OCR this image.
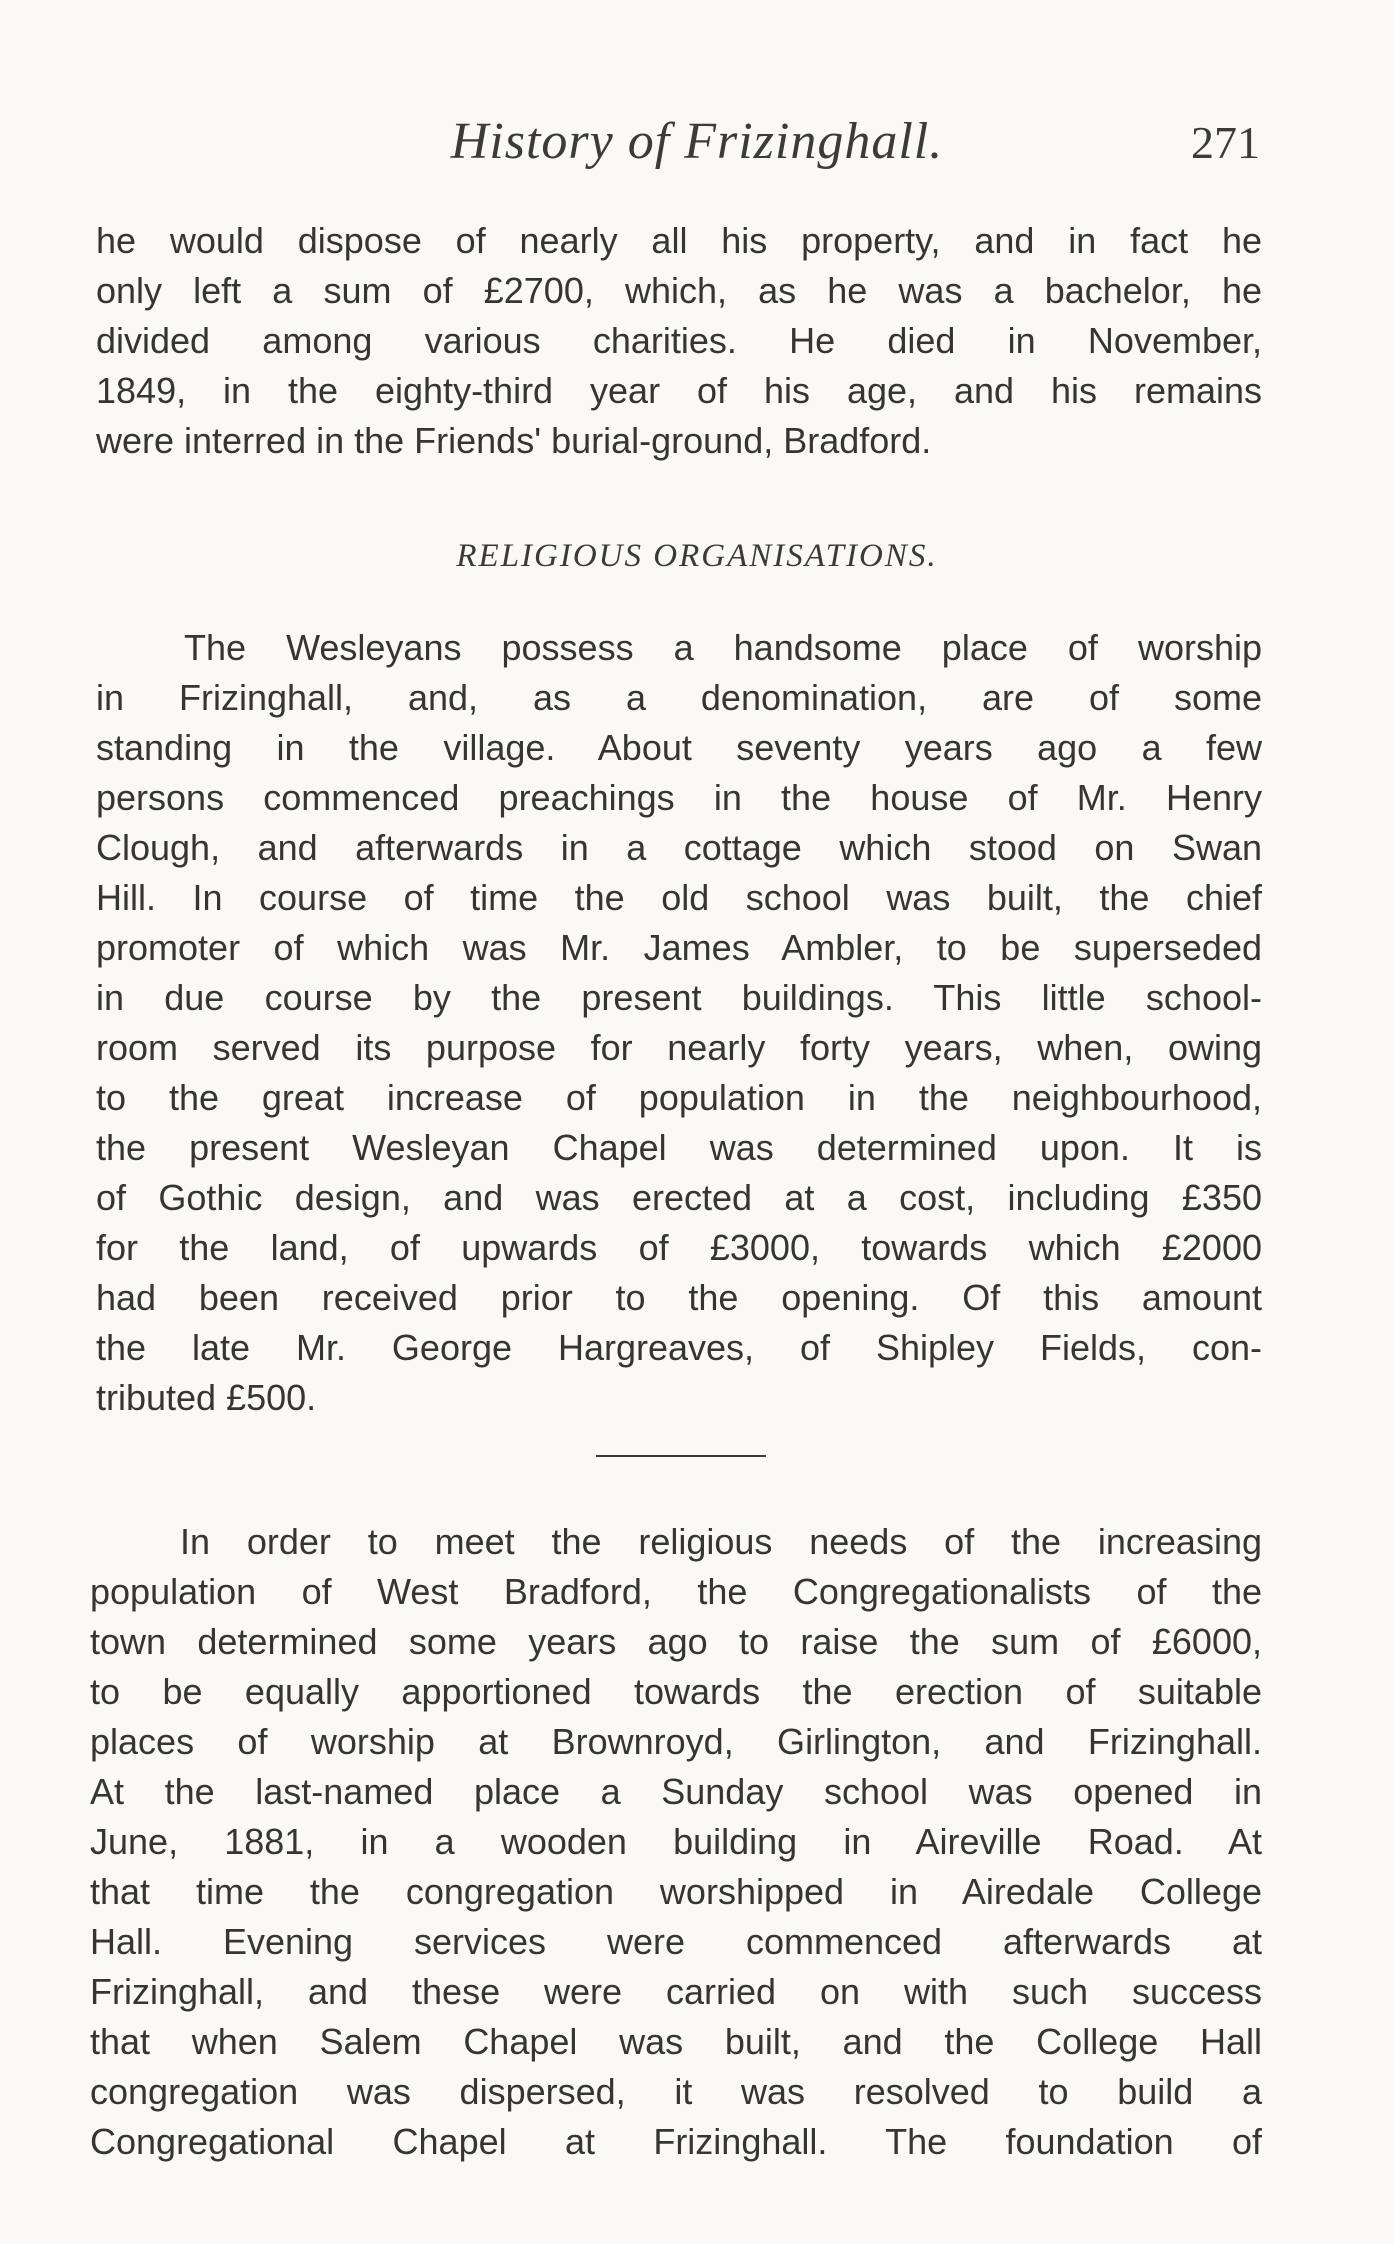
History of Frizinghall.	271
he would dispose of nearly all his property, and in fact he
only left a sum of £2700, which, as he was a bachelor, he
divided among various charities. He died in November,
1849, in the eighty-third year of his age, and his remains
were interred in the Friends' burial-ground, Bradford.
RELIGIOUS ORGANISATIONS.
The Wesleyans possess a handsome place of worship
in Frizinghall, and, as a denomination, are of some
standing in the village. About seventy years ago a few
persons commenced preachings in the house of Mr. Henry
Clough, and afterwards in a cottage which stood on Swan
Hill. In course of time the old school was built, the chief
promoter of which was Mr. James Ambler, to be superseded
in due course by the present buildings. This little school-
room served its purpose for nearly forty years, when, owing
to the great increase of population in the neighbourhood,
the present Wesleyan Chapel was determined upon. It is
of Gothic design, and was erected at a cost, including £350
for the land, of upwards of £3000, towards which £2000
had been received prior to the opening. Of this amount
the late Mr. George Hargreaves, of Shipley Fields, con-
tributed £500.
In order to meet the religious needs of the increasing
population of West Bradford, the Congregationalists of the
town determined some years ago to raise the sum of £6000,
to be equally apportioned towards the erection of suitable
places of worship at Brownroyd, Girlington, and Frizinghall.
At the last-named place a Sunday school was opened in
June, 1881, in a wooden building in Aireville Road. At
that time the congregation worshipped in Airedale College
Hall. Evening services were commenced afterwards at
Frizinghall, and these were carried on with such success
that when Salem Chapel was built, and the College Hall
congregation was dispersed, it was resolved to build a
Congregational Chapel at Frizinghall. The foundation of
